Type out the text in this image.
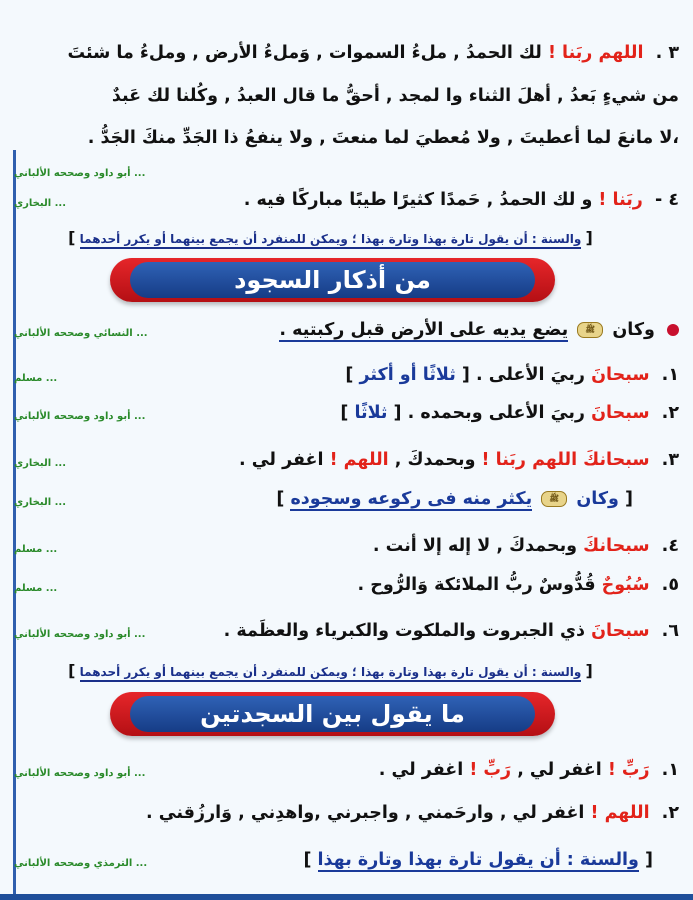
٣ . اللهم ربَنا ! لك الحمدُ , ملءُ السموات , وَملءُ الأرض , وملءُ ما شئتَ
من شيءٍ بَعدُ , أهلَ الثناء وا لمجد , أحقُّ ما قال العبدُ , وكُلنا لك عَبدٌ
،لا مانعَ لما أعطيتَ , ولا مُعطيَ لما منعتَ , ولا ينفعُ ذا الجَدِّ منكَ الجَدُّ .
... أبو داود وصححه الألباني
٤ - ربَنا ! و لك الحمدُ , حَمدًا كثيرًا طيبًا مباركًا فيه .
... البخاري
[ والسنة : أن يقول تارة بهذا وتارة بهذا ؛ ويمكن للمنفرد أن يجمع بينهما أو يكرر أحدهما ]
من أذكار السجود
وكان ﷺ يضع يديه على الأرض قبل ركبتيه .
... النسائي وصححه الألباني
١. سبحانَ ربيَ الأعلى . [ ثلاثًا أو أكثر ]
... مسلم
٢. سبحانَ ربيَ الأعلى وبحمده . [ ثلاثًا ]
... أبو داود وصححه الألباني
٣. سبحانكَ اللهم ربَنا ! وبحمدكَ , اللهم ! اغفر لي .
... البخاري
[ وكان ﷺ يكثر منه فى ركوعه وسجوده ]
... البخاري
٤. سبحانكَ وبحمدكَ , لا إله إلا أنت .
... مسلم
٥. سُبُوحٌ قُدُّوسٌ ربُّ الملائكة وَالرُّوح .
... مسلم
٦. سبحانَ ذي الجبروت والملكوت والكبرياء والعظَمة .
... أبو داود وصححه الألباني
[ والسنة : أن يقول تارة بهذا وتارة بهذا ؛ ويمكن للمنفرد أن يجمع بينهما أو يكرر أحدهما ]
ما يقول بين السجدتين
١. رَبِّ ! اغفر لي , رَبِّ ! اغفر لي .
... أبو داود وصححه الألباني
٢. اللهم ! اغفر لي , وارحَمني , واجبرني ,واهدِني , وَارزُقني .
[ والسنة : أن يقول تارة بهذا وتارة بهذا ]
... الترمذي وصححه الألباني
